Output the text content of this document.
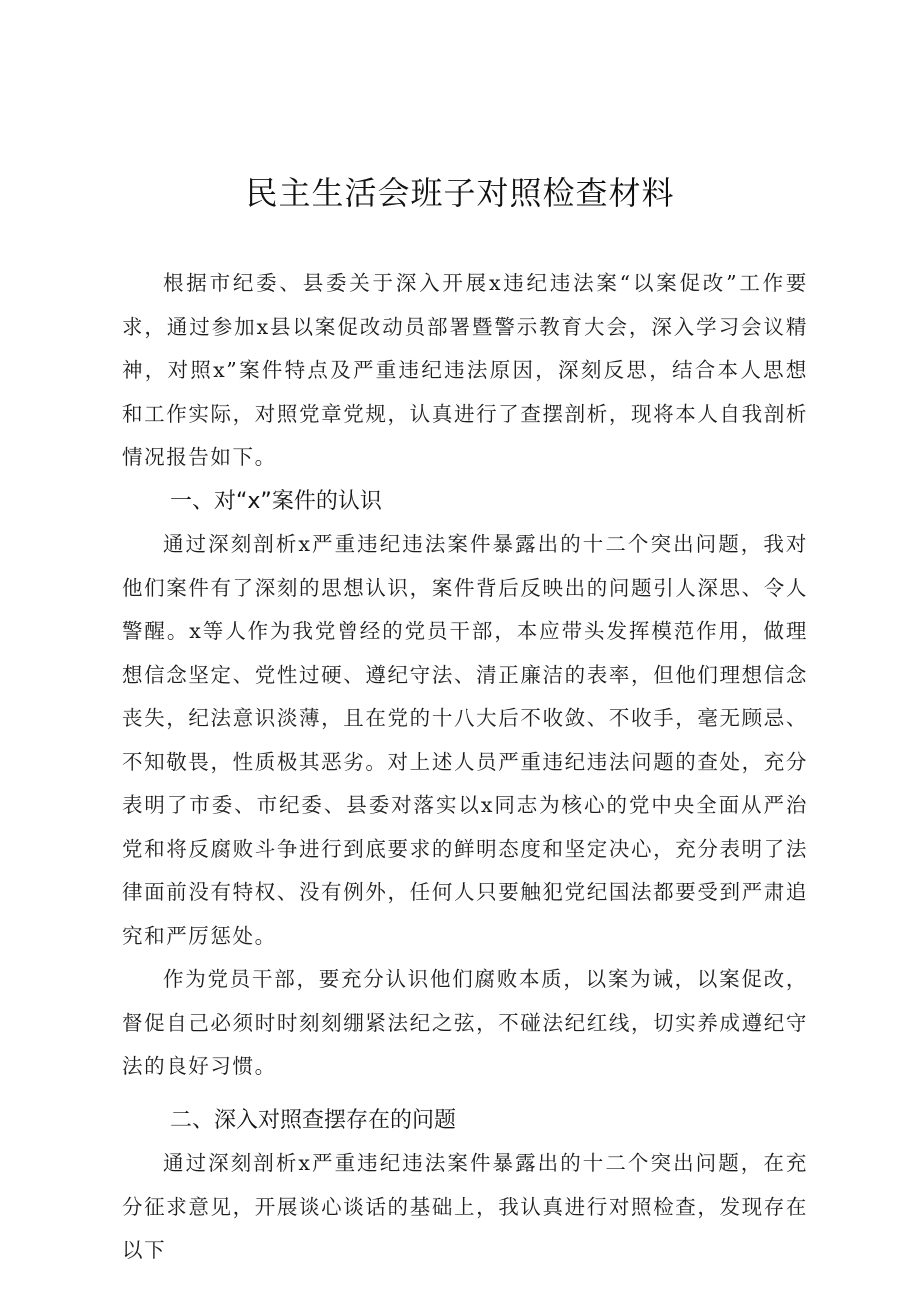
民主生活会班子对照检查材料

根据市纪委、县委关于深入开展x违纪违法案“以案促改”工作要求，通过参加x县以案促改动员部署暨警示教育大会，深入学习会议精神，对照x”案件特点及严重违纪违法原因，深刻反思，结合本人思想和工作实际，对照党章党规，认真进行了查摆剖析，现将本人自我剖析情况报告如下。

一、对“x”案件的认识

通过深刻剖析x严重违纪违法案件暴露出的十二个突出问题，我对他们案件有了深刻的思想认识，案件背后反映出的问题引人深思、令人警醒。x等人作为我党曾经的党员干部，本应带头发挥模范作用，做理想信念坚定、党性过硬、遵纪守法、清正廉洁的表率，但他们理想信念丧失，纪法意识淡薄，且在党的十八大后不收敛、不收手，毫无顾忌、不知敬畏，性质极其恶劣。对上述人员严重违纪违法问题的查处，充分表明了市委、市纪委、县委对落实以x同志为核心的党中央全面从严治党和将反腐败斗争进行到底要求的鲜明态度和坚定决心，充分表明了法律面前没有特权、没有例外，任何人只要触犯党纪国法都要受到严肃追究和严厉惩处。

作为党员干部，要充分认识他们腐败本质，以案为诫，以案促改，督促自己必须时时刻刻绷紧法纪之弦，不碰法纪红线，切实养成遵纪守法的良好习惯。

二、深入对照查摆存在的问题

通过深刻剖析x严重违纪违法案件暴露出的十二个突出问题，在充分征求意见，开展谈心谈话的基础上，我认真进行对照检查，发现存在以下
